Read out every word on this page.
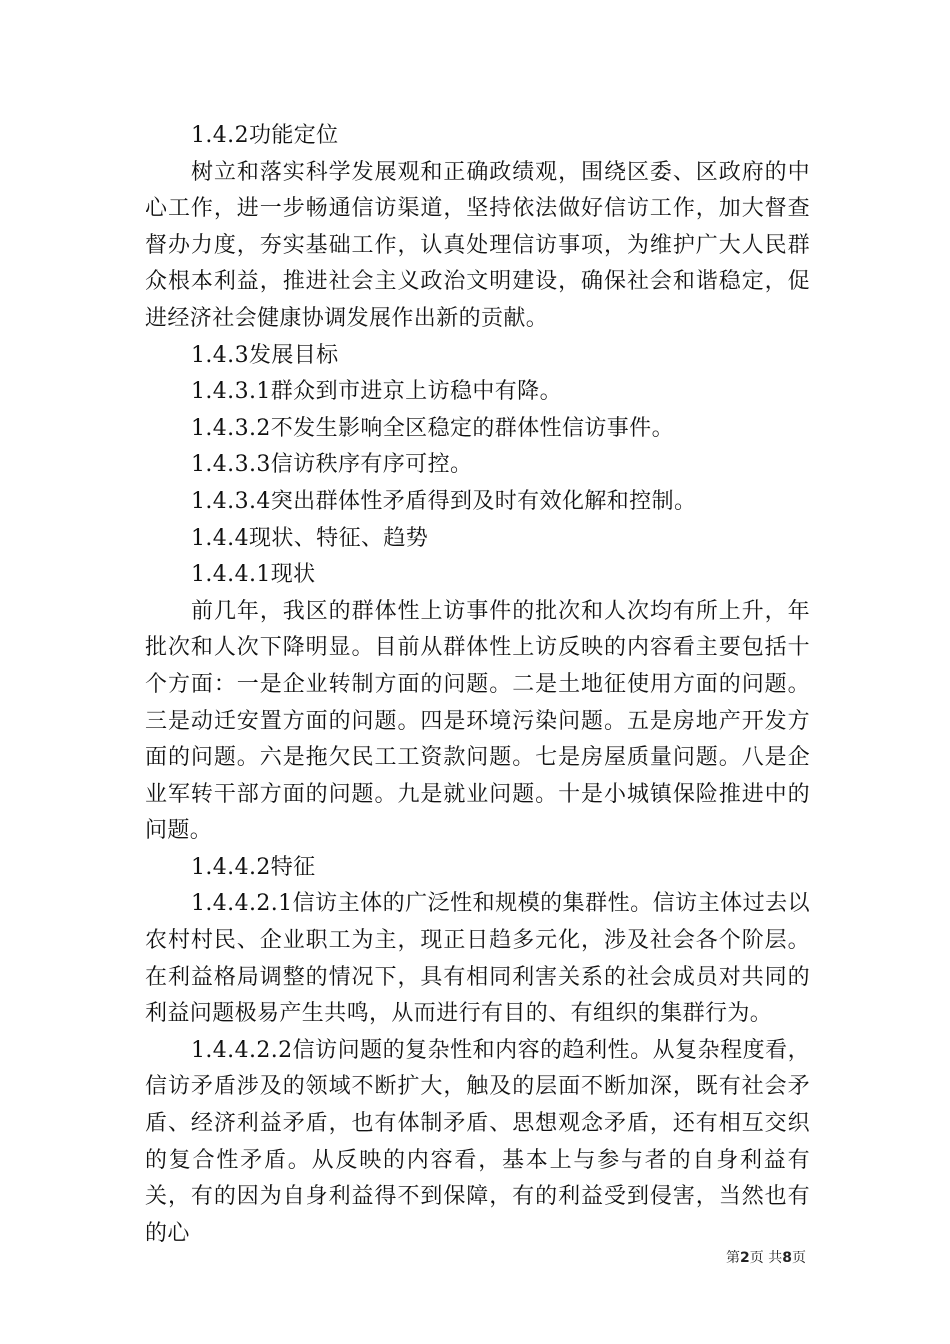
1.4.2功能定位

树立和落实科学发展观和正确政绩观，围绕区委、区政府的中心工作，进一步畅通信访渠道，坚持依法做好信访工作，加大督查督办力度，夯实基础工作，认真处理信访事项，为维护广大人民群众根本利益，推进社会主义政治文明建设，确保社会和谐稳定，促进经济社会健康协调发展作出新的贡献。

1.4.3发展目标

1.4.3.1群众到市进京上访稳中有降。

1.4.3.2不发生影响全区稳定的群体性信访事件。

1.4.3.3信访秩序有序可控。

1.4.3.4突出群体性矛盾得到及时有效化解和控制。

1.4.4现状、特征、趋势

1.4.4.1现状

前几年，我区的群体性上访事件的批次和人次均有所上升，年批次和人次下降明显。目前从群体性上访反映的内容看主要包括十个方面：一是企业转制方面的问题。二是土地征使用方面的问题。三是动迁安置方面的问题。四是环境污染问题。五是房地产开发方面的问题。六是拖欠民工工资款问题。七是房屋质量问题。八是企业军转干部方面的问题。九是就业问题。十是小城镇保险推进中的问题。

1.4.4.2特征

1.4.4.2.1信访主体的广泛性和规模的集群性。信访主体过去以农村村民、企业职工为主，现正日趋多元化，涉及社会各个阶层。在利益格局调整的情况下，具有相同利害关系的社会成员对共同的利益问题极易产生共鸣，从而进行有目的、有组织的集群行为。

1.4.4.2.2信访问题的复杂性和内容的趋利性。从复杂程度看，信访矛盾涉及的领域不断扩大，触及的层面不断加深，既有社会矛盾、经济利益矛盾，也有体制矛盾、思想观念矛盾，还有相互交织的复合性矛盾。从反映的内容看，基本上与参与者的自身利益有关，有的因为自身利益得不到保障，有的利益受到侵害，当然也有的心

第2页 共8页
